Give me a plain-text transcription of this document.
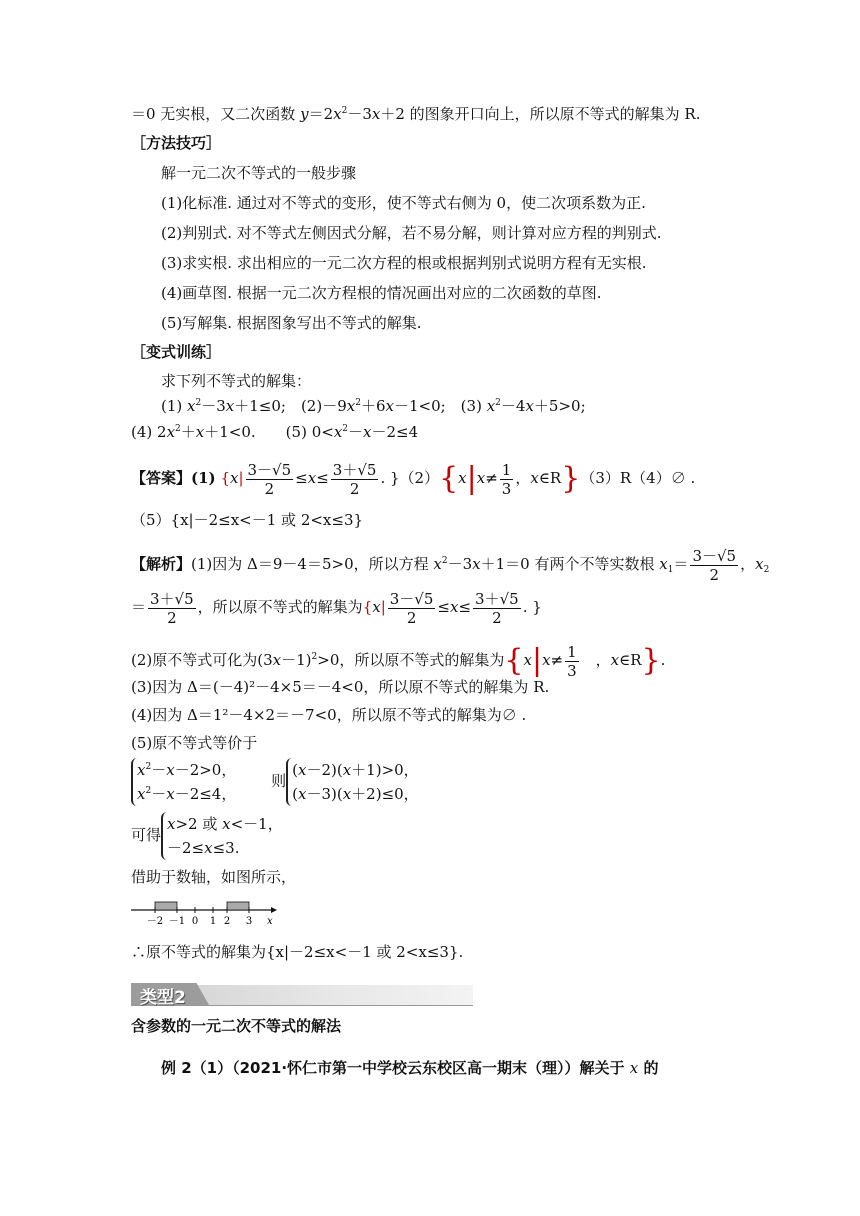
＝0 无实根，又二次函数 $y=2x^2-3x+2$ 的图象开口向上，所以原不等式的解集为 R.
［方法技巧］
解一元二次不等式的一般步骤
(1)化标准. 通过对不等式的变形，使不等式右侧为 0，使二次项系数为正.
(2)判别式. 对不等式左侧因式分解，若不易分解，则计算对应方程的判别式.
(3)求实根. 求出相应的一元二次方程的根或根据判别式说明方程有无实根.
(4)画草图. 根据一元二次方程根的情况画出对应的二次函数的草图.
(5)写解集. 根据图象写出不等式的解集.
［变式训练］
求下列不等式的解集：
(1) $x^2-3x+1\le 0$;　$(2)-9x^2+6x-1<0$;　(3) $x^2-4x+5>0$;
(4) $2x^2+x+1<0$.　　(5) $0<x^2-x-2\le 4$
【答案】(1) {$x| \frac{3-√5}{2} \le x\le \frac{3+√5}{2}$ . }$(2)\{x|x\ne \frac{1}{3}$ ，x∈R}（3）R（4）∅ .
（5）{x|－2≤x<－1 或 2<x≤3}
【解析】(1)因为 Δ＝9－4＝5>0，所以方程 $x^2-3x+1=0$ 有两个不等实数根 $x_1= \frac{3-√5}{2}$ ，$x_2$
＝ $\frac{3+√5}{2}$ ，所以原不等式的解集为{$x| \frac{3-√5}{2} \le x\le \frac{3+√5}{2}$ . }
(2)原不等式可化为$(3x-1)^2>0$，所以原不等式的解集为{$x|x\ne \frac{1}{3}$ 　，x∈R}.
(3)因为 Δ＝(－4)²－4×5＝－4<0，所以原不等式的解集为 R.
(4)因为 Δ＝1²－4×2＝－7<0，所以原不等式的解集为∅ .
(5)原不等式等价于
$x^2-x-2>0$，
$x^2-x-2\le 4$， 　　则(x－2)(x＋1)>0，
(x－3)(x＋2)≤0，
可得x>2 或 x<－1，
－2≤x≤3.
借助于数轴，如图所示，
－2 －1 0 1 2 3 x
∴原不等式的解集为{x|－2≤x<－1 或 2<x≤3}.
类型2
含参数的一元二次不等式的解法
例 2（1）（2021·怀仁市第一中学校云东校区高一期末（理））解关于 x 的
